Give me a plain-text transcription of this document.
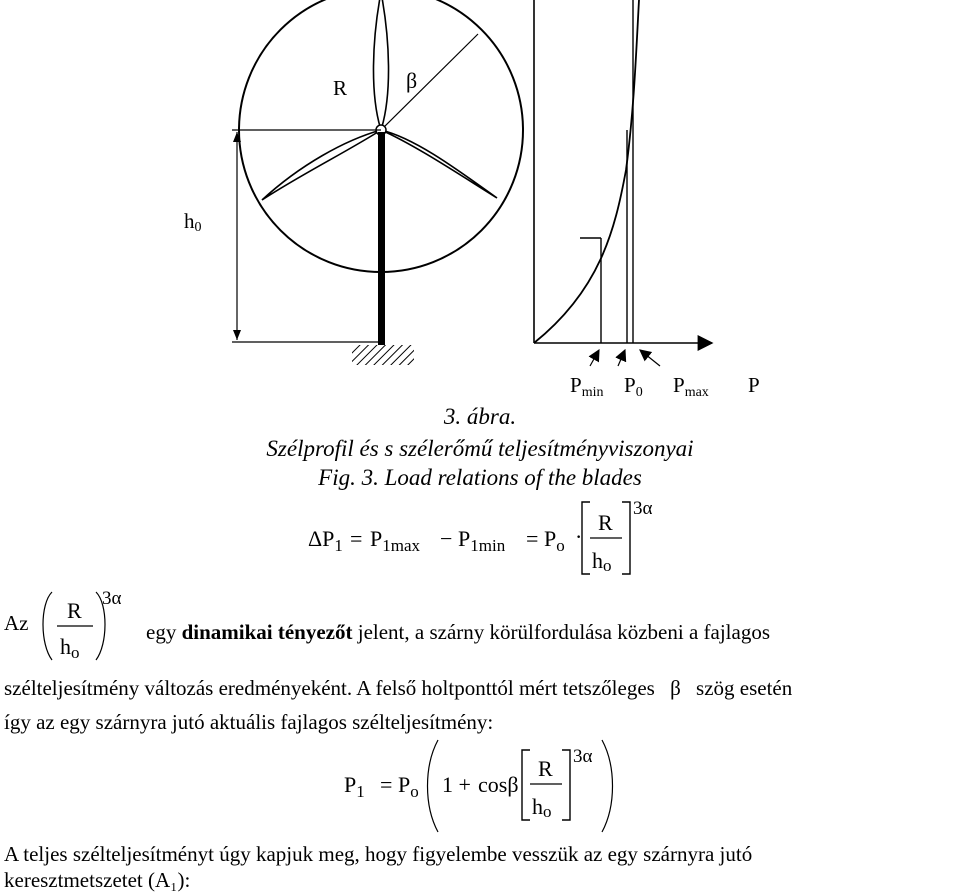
R	β
h0
Pmin P0 Pmax P
3. ábra.
Szélprofil és s szélerőmű teljesítményviszonyai
Fig. 3. Load relations of the blades
$\Delta P_1 = P_{1max} - P_{1min} = P_o$ ·
R
ho
3α
Az R
ho
3α
egy dinamikai tényezőt jelent, a szárny körülfordulása közbeni a fajlagos
szélteljesítmény változás eredményeként. A felső holtponttól mért tetszőleges β szög esetén
így az egy szárnyra jutó aktuális fajlagos szélteljesítmény:
$P_1 = P_o$ 1 + cosβ
R
ho
3α
A teljes szélteljesítményt úgy kapjuk meg, hogy figyelembe vesszük az egy szárnyra jutó
keresztmetszetet (A₁):
